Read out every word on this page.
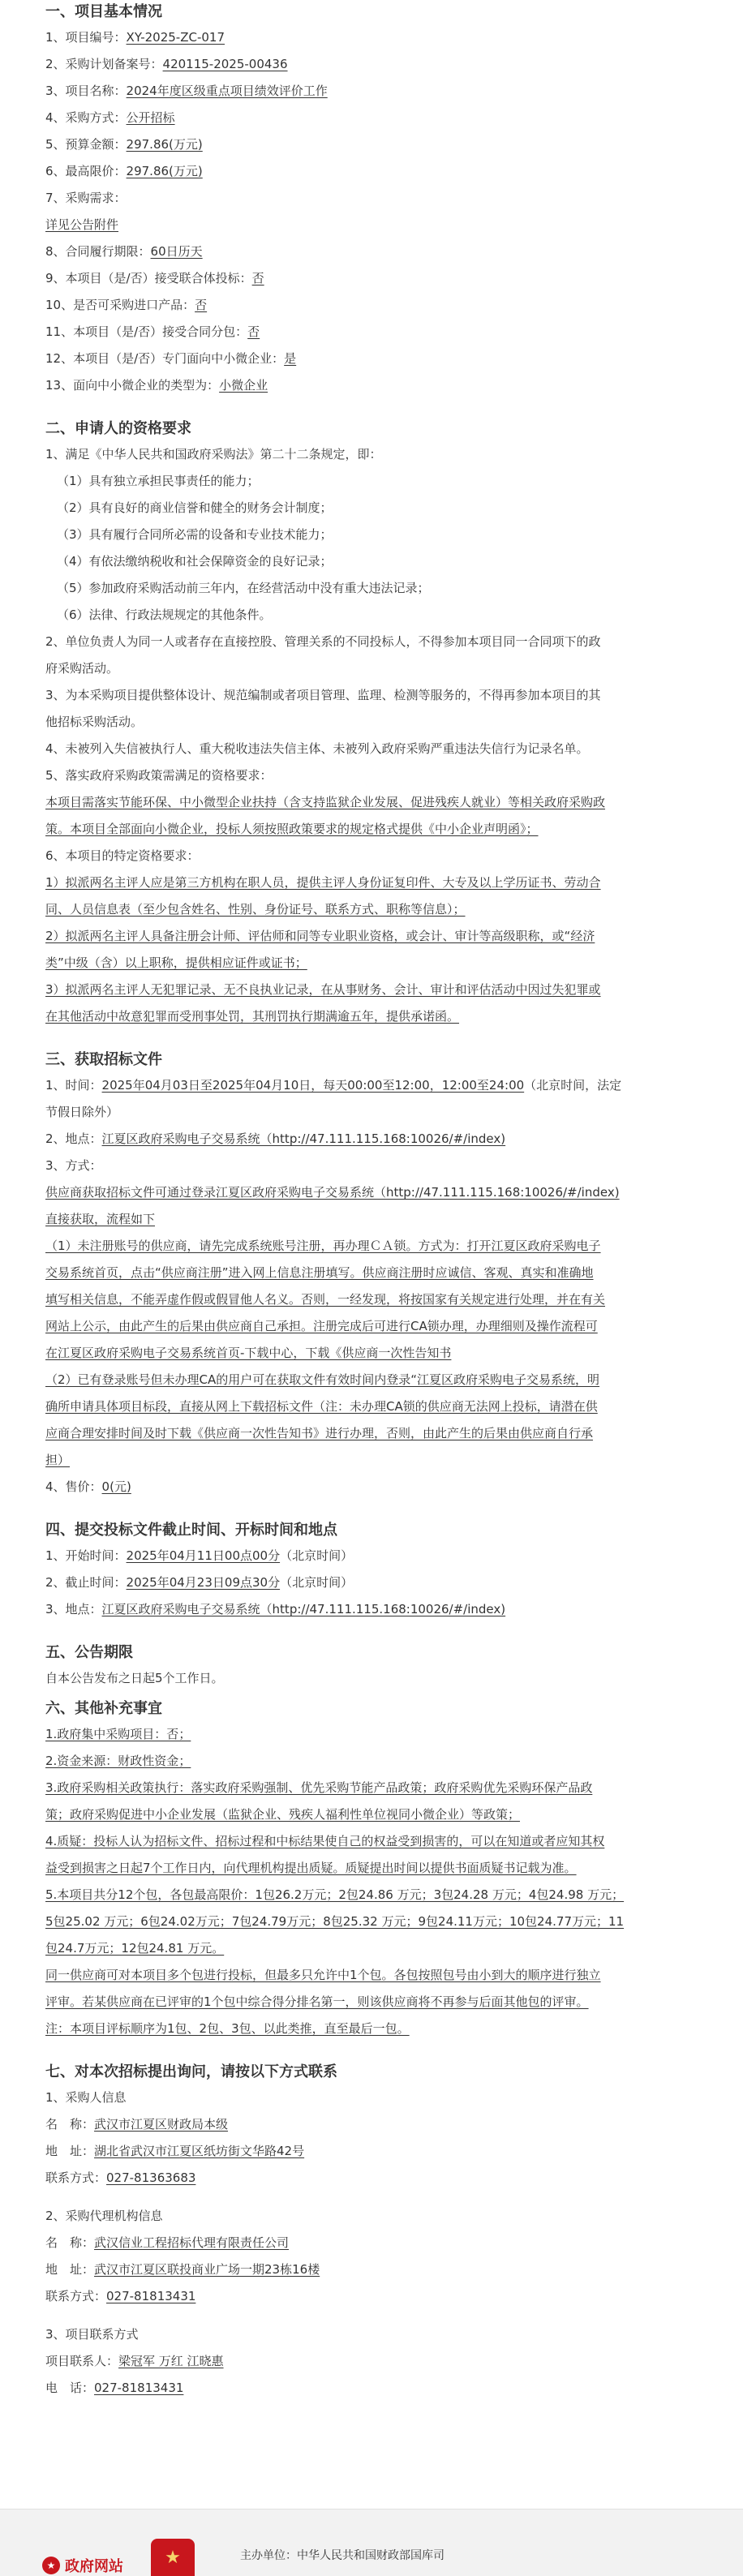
一、项目基本情况

1、项目编号：XY-2025-ZC-017

2、采购计划备案号：420115-2025-00436

3、项目名称：2024年度区级重点项目绩效评价工作

4、采购方式：公开招标

5、预算金额：297.86(万元)

6、最高限价：297.86(万元)

7、采购需求：

详见公告附件

8、合同履行期限：60日历天

9、本项目（是/否）接受联合体投标：否

10、是否可采购进口产品：否

11、本项目（是/否）接受合同分包：否

12、本项目（是/否）专门面向中小微企业：是

13、面向中小微企业的类型为：小微企业

二、申请人的资格要求

1、满足《中华人民共和国政府采购法》第二十二条规定，即：

（1）具有独立承担民事责任的能力；

（2）具有良好的商业信誉和健全的财务会计制度；

（3）具有履行合同所必需的设备和专业技术能力；

（4）有依法缴纳税收和社会保障资金的良好记录；

（5）参加政府采购活动前三年内，在经营活动中没有重大违法记录；

（6）法律、行政法规规定的其他条件。

2、单位负责人为同一人或者存在直接控股、管理关系的不同投标人，不得参加本项目同一合同项下的政

府采购活动。

3、为本采购项目提供整体设计、规范编制或者项目管理、监理、检测等服务的，不得再参加本项目的其

他招标采购活动。

4、未被列入失信被执行人、重大税收违法失信主体、未被列入政府采购严重违法失信行为记录名单。

5、落实政府采购政策需满足的资格要求：

本项目需落实节能环保、中小微型企业扶持（含支持监狱企业发展、促进残疾人就业）等相关政府采购政

策。本项目全部面向小微企业，投标人须按照政策要求的规定格式提供《中小企业声明函》；

6、本项目的特定资格要求：

1）拟派两名主评人应是第三方机构在职人员，提供主评人身份证复印件、大专及以上学历证书、劳动合

同、人员信息表（至少包含姓名、性别、身份证号、联系方式、职称等信息）；

2）拟派两名主评人具备注册会计师、评估师和同等专业职业资格，或会计、审计等高级职称，或“经济

类”中级（含）以上职称，提供相应证件或证书；

3）拟派两名主评人无犯罪记录、无不良执业记录，在从事财务、会计、审计和评估活动中因过失犯罪或

在其他活动中故意犯罪而受刑事处罚，其刑罚执行期满逾五年，提供承诺函。

三、获取招标文件

1、时间：2025年04月03日至2025年04月10日，每天00:00至12:00，12:00至24:00（北京时间，法定

节假日除外）

2、地点：江夏区政府采购电子交易系统（http://47.111.115.168:10026/#/index)

3、方式：

供应商获取招标文件可通过登录江夏区政府采购电子交易系统（http://47.111.115.168:10026/#/index)

直接获取，流程如下

（1）未注册账号的供应商，请先完成系统账号注册，再办理ＣＡ锁。方式为：打开江夏区政府采购电子

交易系统首页，点击“供应商注册”进入网上信息注册填写。供应商注册时应诚信、客观、真实和准确地

填写相关信息，不能弄虚作假或假冒他人名义。否则，一经发现，将按国家有关规定进行处理，并在有关

网站上公示，由此产生的后果由供应商自己承担。注册完成后可进行CA锁办理，办理细则及操作流程可

在江夏区政府采购电子交易系统首页-下载中心，下载《供应商一次性告知书

（2）已有登录账号但未办理CA的用户可在获取文件有效时间内登录“江夏区政府采购电子交易系统，明

确所申请具体项目标段，直接从网上下载招标文件（注：未办理CA锁的供应商无法网上投标，请潜在供

应商合理安排时间及时下载《供应商一次性告知书》进行办理，否则，由此产生的后果由供应商自行承

担）

4、售价：0(元)

四、提交投标文件截止时间、开标时间和地点

1、开始时间：2025年04月11日00点00分（北京时间）

2、截止时间：2025年04月23日09点30分（北京时间）

3、地点：江夏区政府采购电子交易系统（http://47.111.115.168:10026/#/index)

五、公告期限

自本公告发布之日起5个工作日。

六、其他补充事宜

1.政府集中采购项目：否；

2.资金来源：财政性资金；

3.政府采购相关政策执行：落实政府采购强制、优先采购节能产品政策；政府采购优先采购环保产品政

策；政府采购促进中小企业发展（监狱企业、残疾人福利性单位视同小微企业）等政策；

4.质疑：投标人认为招标文件、招标过程和中标结果使自己的权益受到损害的，可以在知道或者应知其权

益受到损害之日起7个工作日内，向代理机构提出质疑。质疑提出时间以提供书面质疑书记载为准。

5.本项目共分12个包，各包最高限价：1包26.2万元；2包24.86 万元；3包24.28 万元；4包24.98 万元；

5包25.02 万元；6包24.02万元；7包24.79万元；8包25.32 万元；9包24.11万元；10包24.77万元；11

包24.7万元；12包24.81 万元。

同一供应商可对本项目多个包进行投标，但最多只允许中1个包。各包按照包号由小到大的顺序进行独立

评审。若某供应商在已评审的1个包中综合得分排名第一，则该供应商将不再参与后面其他包的评审。

注：本项目评标顺序为1包、2包、3包、以此类推，直至最后一包。

七、对本次招标提出询问，请按以下方式联系

1、采购人信息

名　称：武汉市江夏区财政局本级

地　址：湖北省武汉市江夏区纸坊街文华路42号

联系方式：027-81363683

2、采购代理机构信息

名　称：武汉信业工程招标代理有限责任公司

地　址：武汉市江夏区联投商业广场一期23栋16楼

联系方式：027-81813431

3、项目联系方式

项目联系人：梁冠军 万红 江晓惠

电　话：027-81813431

★ 政府网站	★	主办单位：中华人民共和国财政部国库司
